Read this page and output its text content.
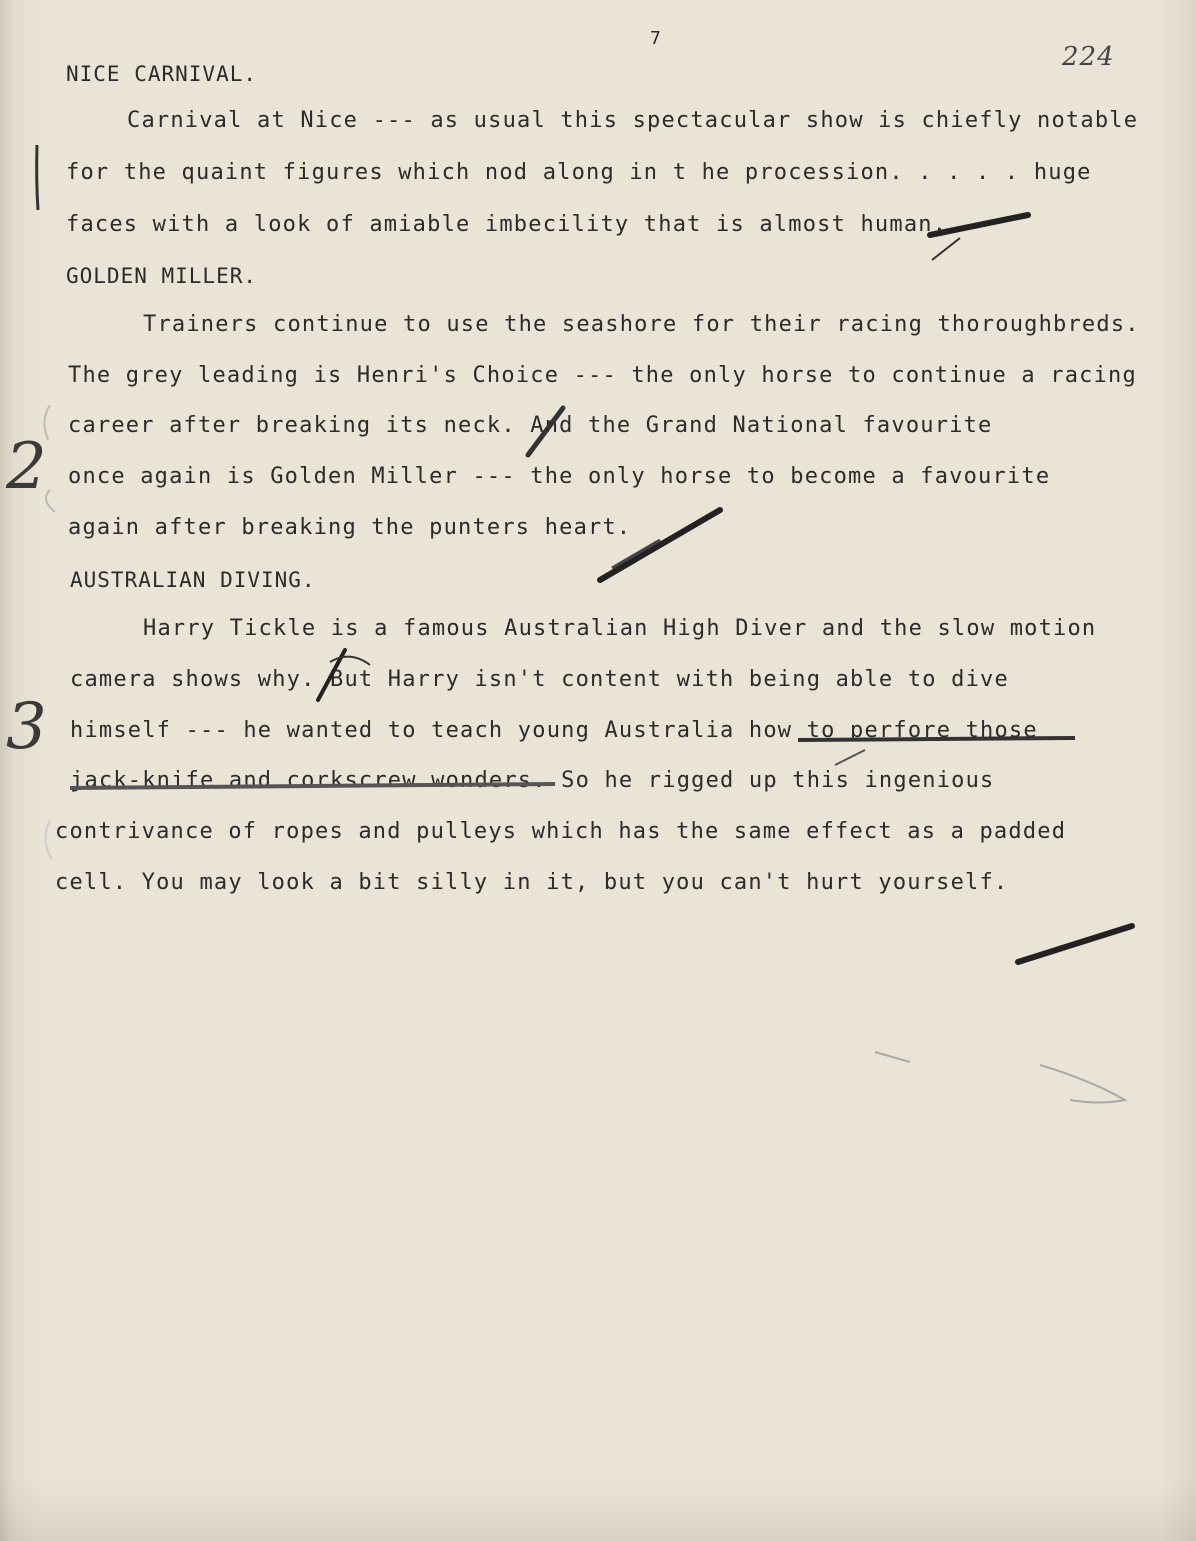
7
224
NICE CARNIVAL.
Carnival at Nice --- as usual this spectacular show is chiefly notable
for the quaint figures which nod along in t he procession. . . . . huge
faces with a look of amiable imbecility that is almost human.
GOLDEN MILLER.
Trainers continue to use the seashore for their racing thoroughbreds.
The grey leading is Henri's Choice --- the only horse to continue a racing
career after breaking its neck. And the Grand National favourite
once again is Golden Miller --- the only horse to become a favourite
again after breaking the punters heart.
AUSTRALIAN DIVING.
Harry Tickle is a famous Australian High Diver and the slow motion
camera shows why. But Harry isn't content with being able to dive
himself --- he wanted to teach young Australia how to perfore those
jack-knife and corkscrew wonders. So he rigged up this ingenious
contrivance of ropes and pulleys which has the same effect as a padded
cell. You may look a bit silly in it, but you can't hurt yourself.
2
3
